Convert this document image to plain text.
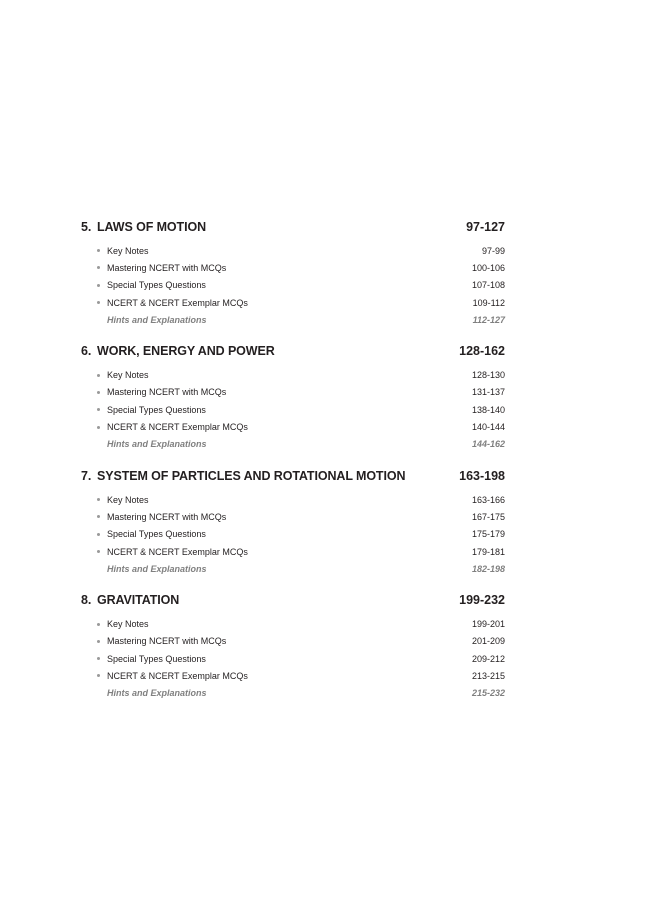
5. LAWS OF MOTION	97-127
Key Notes	97-99
Mastering NCERT with MCQs	100-106
Special Types Questions	107-108
NCERT & NCERT Exemplar MCQs	109-112
Hints and Explanations	112-127
6. WORK, ENERGY AND POWER	128-162
Key Notes	128-130
Mastering NCERT with MCQs	131-137
Special Types Questions	138-140
NCERT & NCERT Exemplar MCQs	140-144
Hints and Explanations	144-162
7. SYSTEM OF PARTICLES AND ROTATIONAL MOTION	163-198
Key Notes	163-166
Mastering NCERT with MCQs	167-175
Special Types Questions	175-179
NCERT & NCERT Exemplar MCQs	179-181
Hints and Explanations	182-198
8. GRAVITATION	199-232
Key Notes	199-201
Mastering NCERT with MCQs	201-209
Special Types Questions	209-212
NCERT & NCERT Exemplar MCQs	213-215
Hints and Explanations	215-232
